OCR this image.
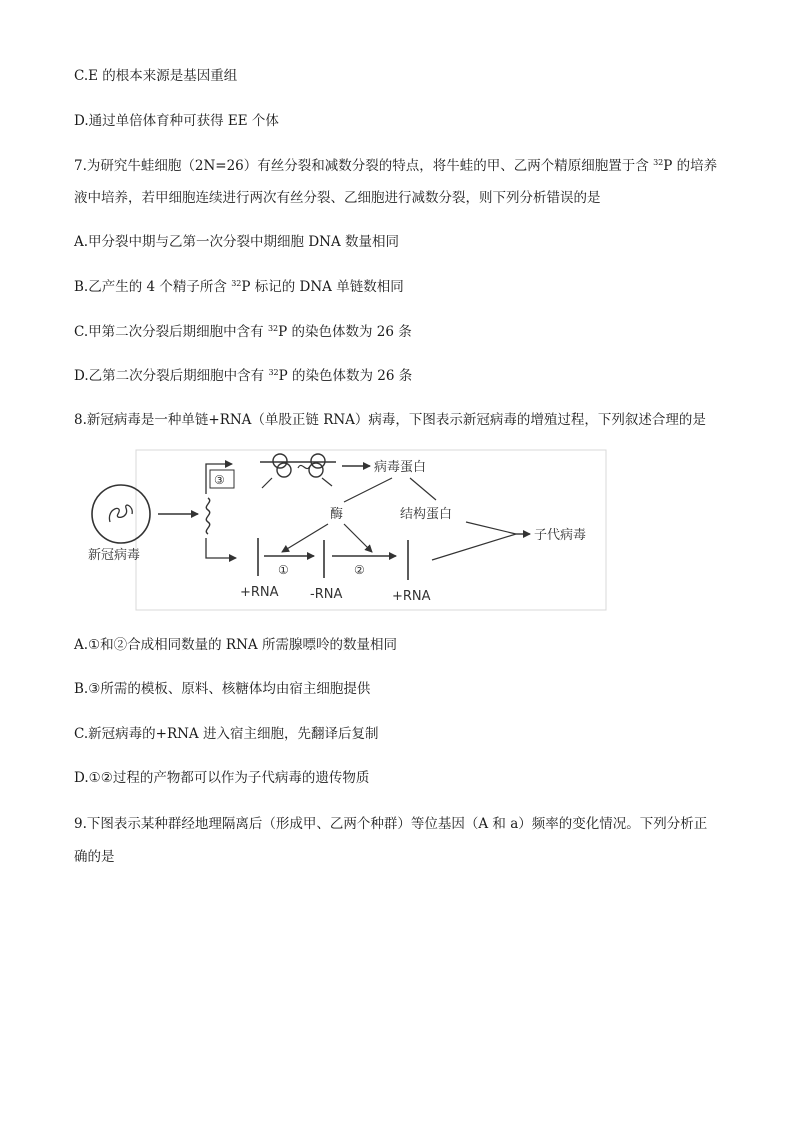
C.E 的根本来源是基因重组
D.通过单倍体育种可获得 EE 个体
7.为研究牛蛙细胞（2N=26）有丝分裂和减数分裂的特点，将牛蛙的甲、乙两个精原细胞置于含 $^{32}$P 的培养
液中培养，若甲细胞连续进行两次有丝分裂、乙细胞进行减数分裂，则下列分析错误的是
A.甲分裂中期与乙第一次分裂中期细胞 DNA 数量相同
B.乙产生的 4 个精子所含 $^{32}$P 标记的 DNA 单链数相同
C.甲第二次分裂后期细胞中含有 $^{32}$P 的染色体数为 26 条
D.乙第二次分裂后期细胞中含有 $^{32}$P 的染色体数为 26 条
8.新冠病毒是一种单链+RNA（单股正链 RNA）病毒，下图表示新冠病毒的增殖过程，下列叙述合理的是
新冠病毒
③
病毒蛋白
酶	结构蛋白
子代病毒
+RNA
①
-RNA
②
+RNA
A.①和②合成相同数量的 RNA 所需腺嘌呤的数量相同
B.③所需的模板、原料、核糖体均由宿主细胞提供
C.新冠病毒的+RNA 进入宿主细胞，先翻译后复制
D.①②过程的产物都可以作为子代病毒的遗传物质
9.下图表示某种群经地理隔离后（形成甲、乙两个种群）等位基因（A 和 a）频率的变化情况。下列分析正
确的是
